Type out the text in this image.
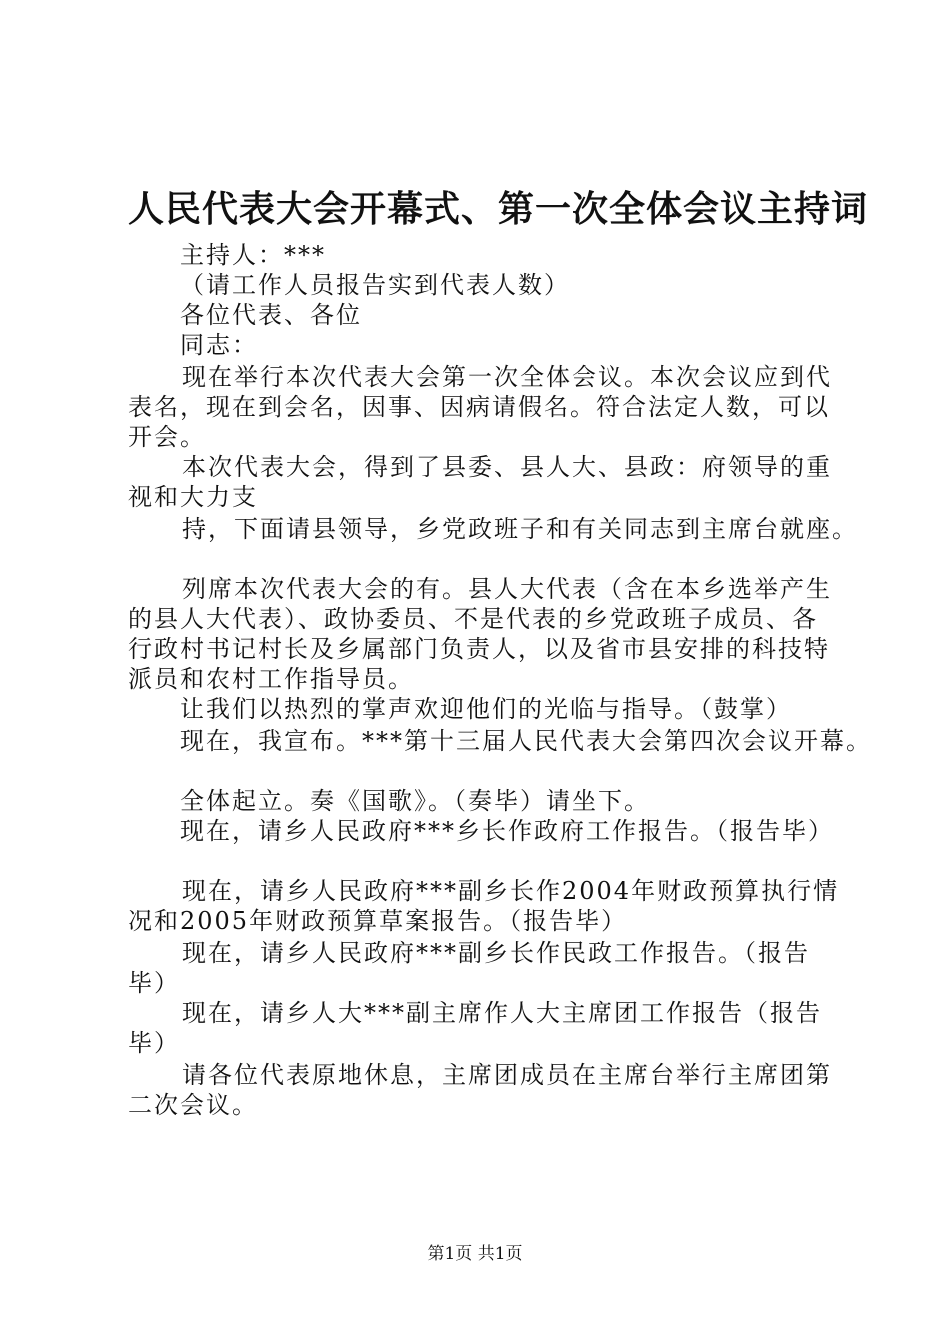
人民代表大会开幕式、第一次全体会议主持词
主持人：***
（请工作人员报告实到代表人数）
各位代表、各位
同志：
现在举行本次代表大会第一次全体会议。本次会议应到代
表名，现在到会名，因事、因病请假名。符合法定人数，可以
开会。
本次代表大会，得到了县委、县人大、县政：府领导的重
视和大力支
持，下面请县领导，乡党政班子和有关同志到主席台就座。
列席本次代表大会的有。县人大代表（含在本乡选举产生
的县人大代表）、政协委员、不是代表的乡党政班子成员、各
行政村书记村长及乡属部门负责人，以及省市县安排的科技特
派员和农村工作指导员。
让我们以热烈的掌声欢迎他们的光临与指导。（鼓掌）
现在，我宣布。***第十三届人民代表大会第四次会议开幕。
全体起立。奏《国歌》。（奏毕）请坐下。
现在，请乡人民政府***乡长作政府工作报告。（报告毕）
现在，请乡人民政府***副乡长作2004年财政预算执行情
况和2005年财政预算草案报告。（报告毕）
现在，请乡人民政府***副乡长作民政工作报告。（报告
毕）
现在，请乡人大***副主席作人大主席团工作报告（报告
毕）
请各位代表原地休息，主席团成员在主席台举行主席团第
二次会议。
第1页 共1页
